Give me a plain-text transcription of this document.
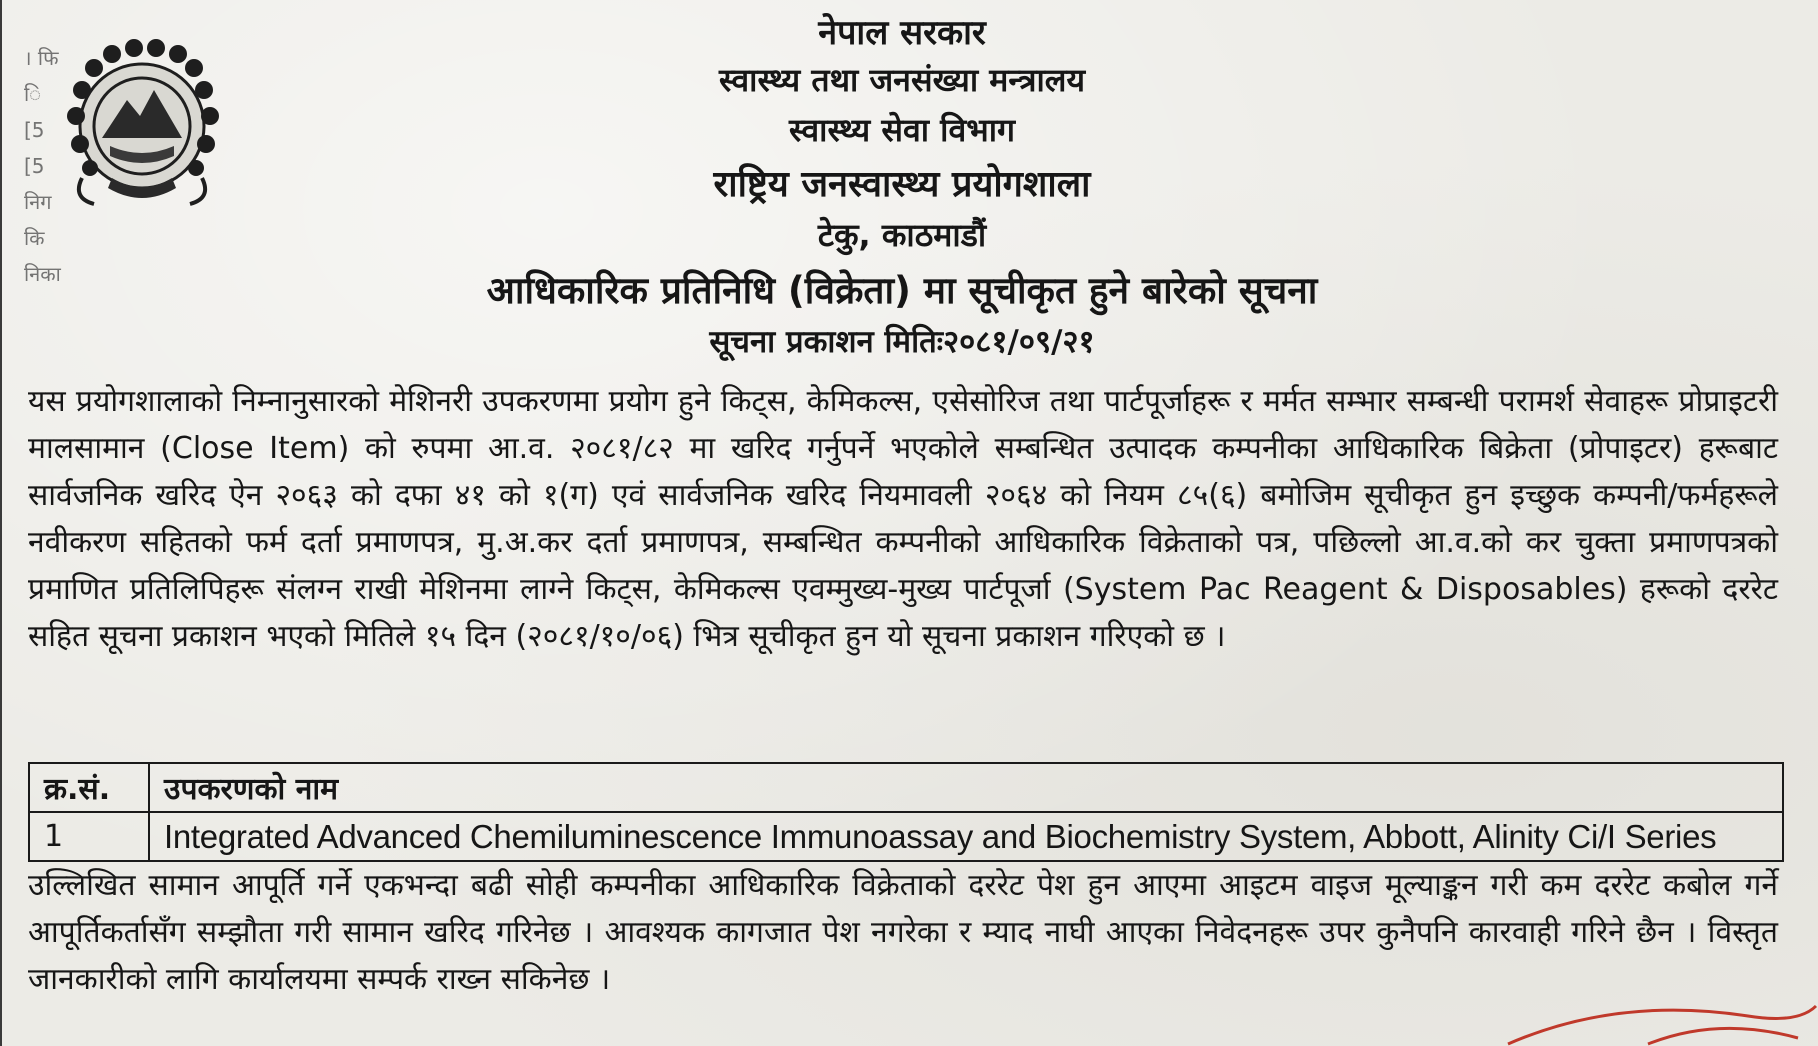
। फि
ि
[5
[5
निग
कि
निका
नेपाल सरकार
स्वास्थ्य तथा जनसंख्या मन्त्रालय
स्वास्थ्य सेवा विभाग
राष्ट्रिय जनस्वास्थ्य प्रयोगशाला
टेकु, काठमाडौं
आधिकारिक प्रतिनिधि (विक्रेता) मा सूचीकृत हुने बारेको सूचना
सूचना प्रकाशन मितिः२०८१/०९/२१
यस प्रयोगशालाको निम्नानुसारको मेशिनरी उपकरणमा प्रयोग हुने किट्स, केमिकल्स, एसेसोरिज तथा पार्टपूर्जाहरू र मर्मत सम्भार सम्बन्धी परामर्श सेवाहरू प्रोप्राइटरी मालसामान (Close Item) को रुपमा आ.व. २०८१/८२ मा खरिद गर्नुपर्ने भएकोले सम्बन्धित उत्पादक कम्पनीका आधिकारिक बिक्रेता (प्रोपाइटर) हरूबाट सार्वजनिक खरिद ऐन २०६३ को दफा ४१ को १(ग) एवं सार्वजनिक खरिद नियमावली २०६४ को नियम ८५(६) बमोजिम सूचीकृत हुन इच्छुक कम्पनी/फर्महरूले नवीकरण सहितको फर्म दर्ता प्रमाणपत्र, मु.अ.कर दर्ता प्रमाणपत्र, सम्बन्धित कम्पनीको आधिकारिक विक्रेताको पत्र, पछिल्लो आ.व.को कर चुक्ता प्रमाणपत्रको प्रमाणित प्रतिलिपिहरू संलग्न राखी मेशिनमा लाग्ने किट्स, केमिकल्स एवम्मुख्य-मुख्य पार्टपूर्जा (System Pac Reagent & Disposables) हरूको दररेट सहित सूचना प्रकाशन भएको मितिले १५ दिन (२०८१/१०/०६) भित्र सूचीकृत हुन यो सूचना प्रकाशन गरिएको छ ।
क्र.सं.	उपकरणको नाम
1	Integrated Advanced Chemiluminescence Immunoassay and Biochemistry System, Abbott, Alinity Ci/I Series
उल्लिखित सामान आपूर्ति गर्ने एकभन्दा बढी सोही कम्पनीका आधिकारिक विक्रेताको दररेट पेश हुन आएमा आइटम वाइज मूल्याङ्कन गरी कम दररेट कबोल गर्ने आपूर्तिकर्तासँग सम्झौता गरी सामान खरिद गरिनेछ । आवश्यक कागजात पेश नगरेका र म्याद नाघी आएका निवेदनहरू उपर कुनैपनि कारवाही गरिने छैन । विस्तृत जानकारीको लागि कार्यालयमा सम्पर्क राख्न सकिनेछ ।
